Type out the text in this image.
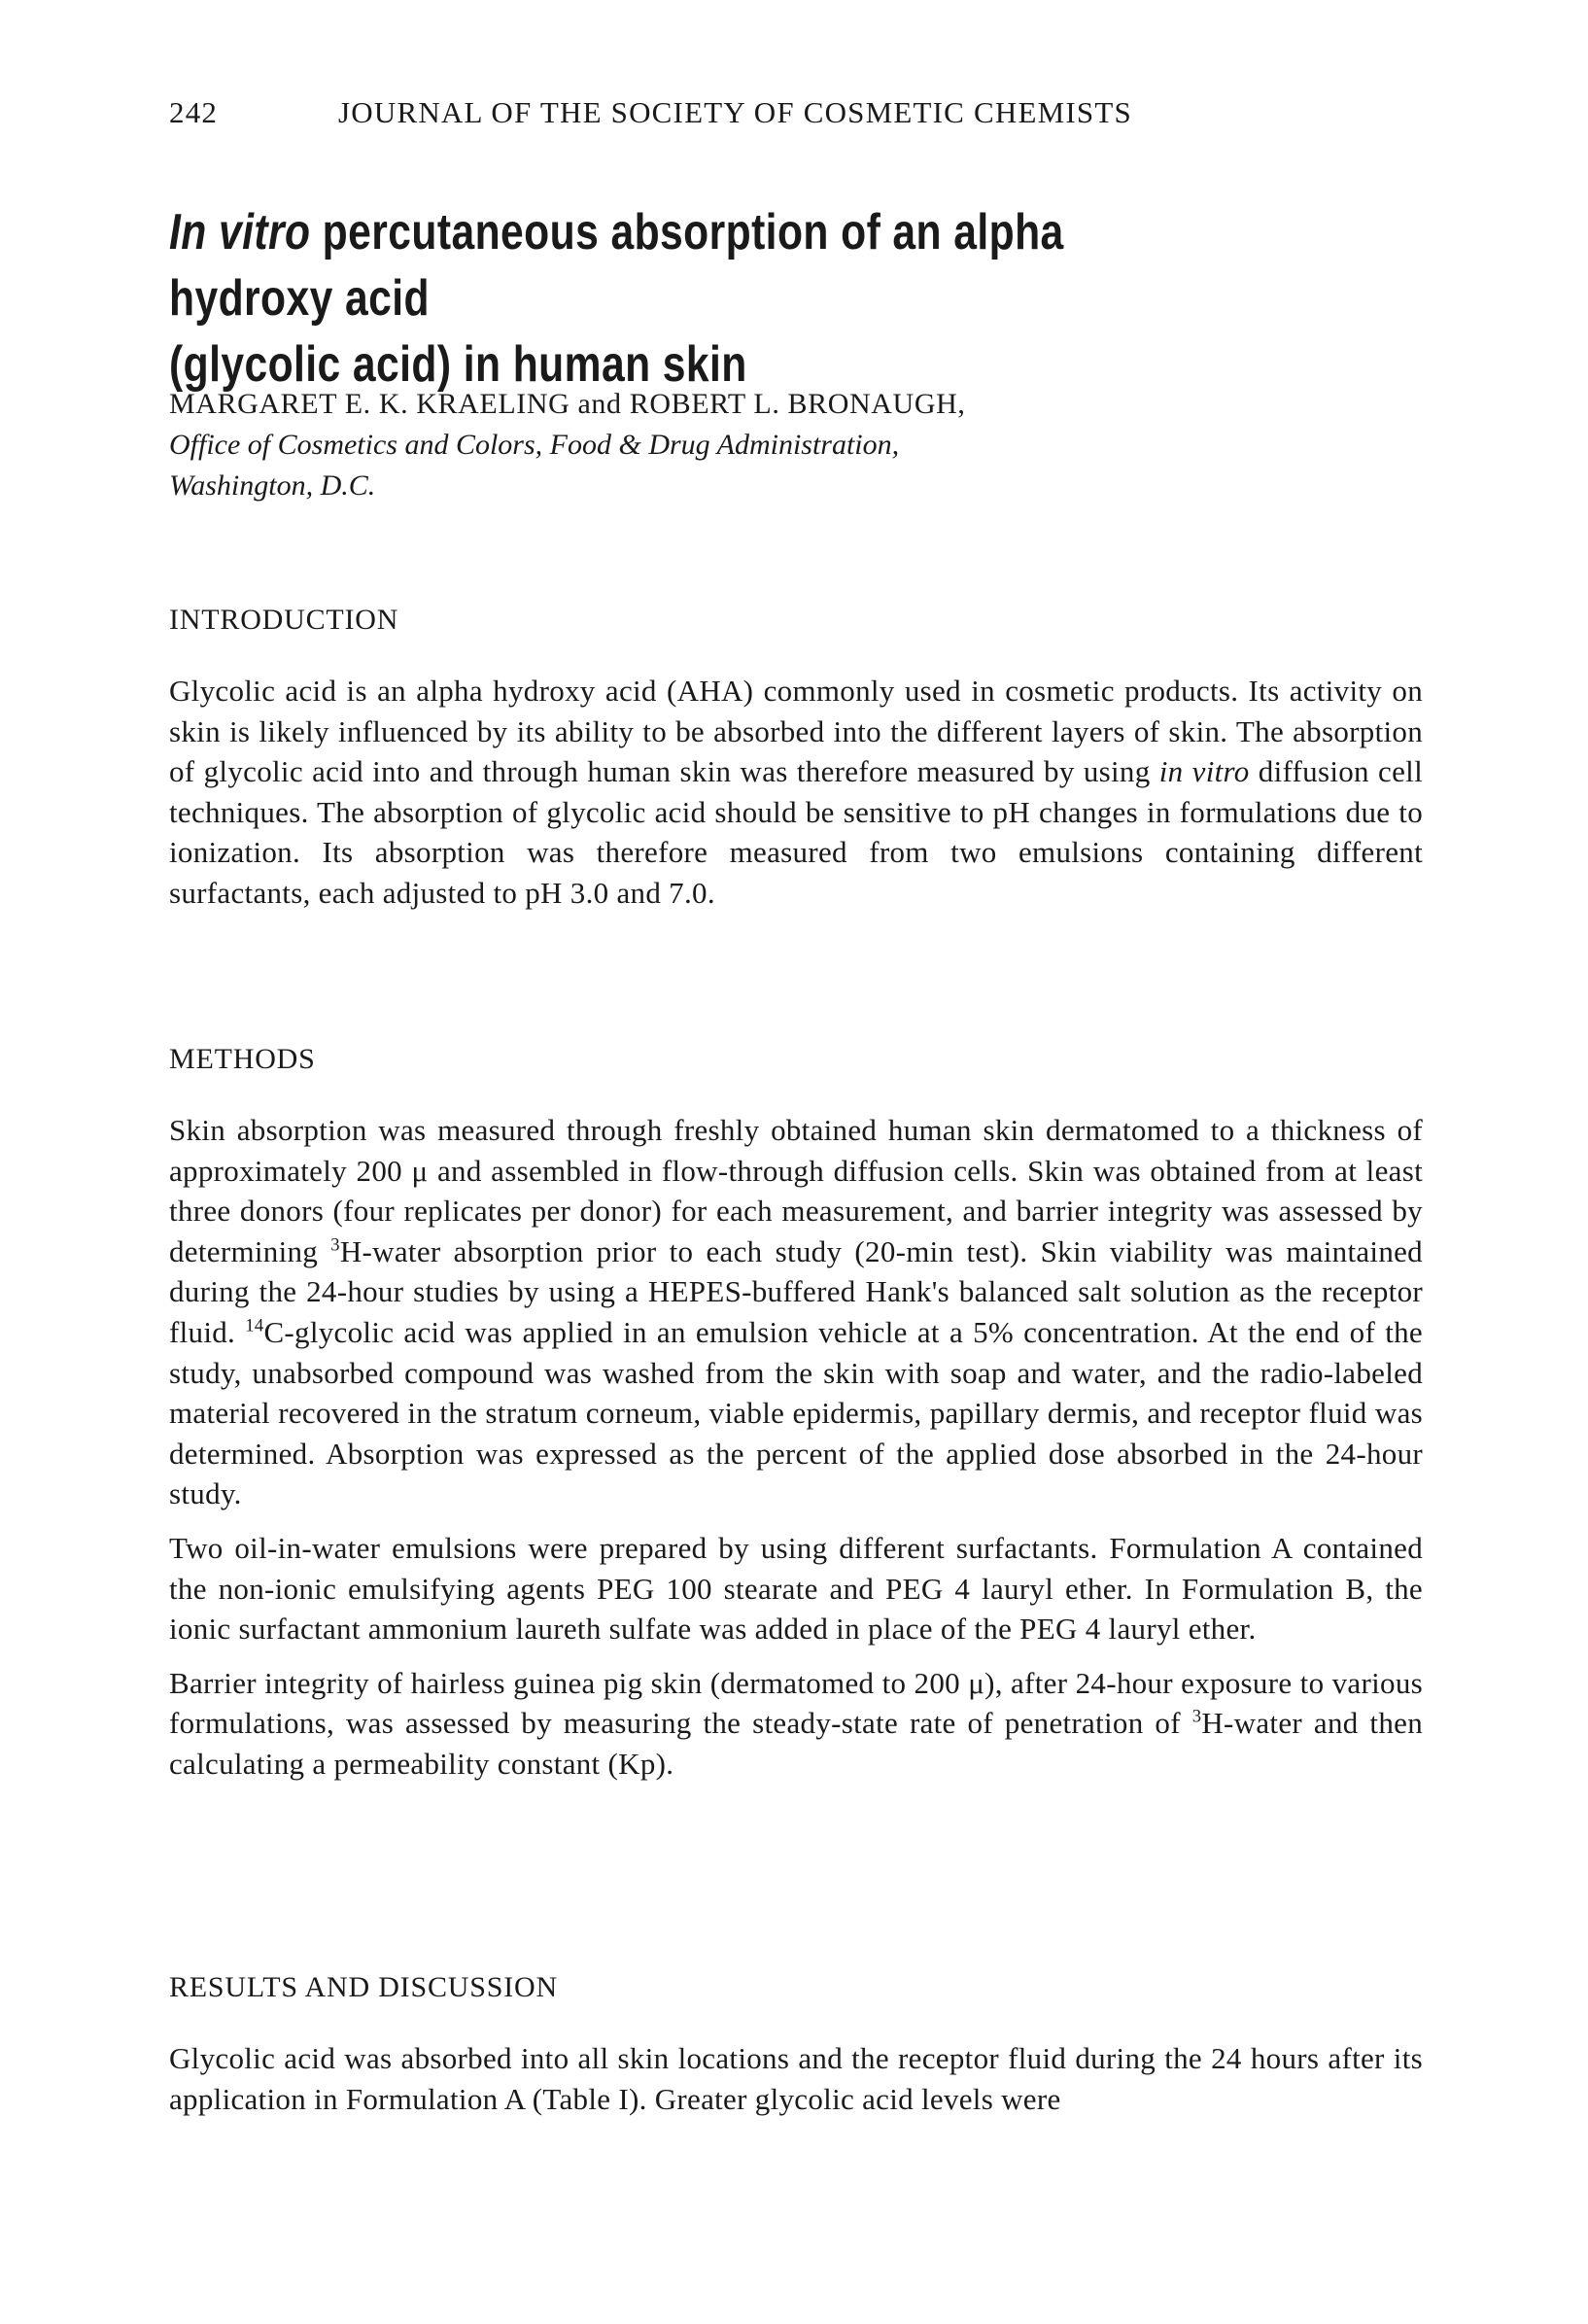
242	JOURNAL OF THE SOCIETY OF COSMETIC CHEMISTS
In vitro percutaneous absorption of an alpha hydroxy acid
(glycolic acid) in human skin
MARGARET E. K. KRAELING and ROBERT L. BRONAUGH,
Office of Cosmetics and Colors, Food & Drug Administration,
Washington, D.C.
INTRODUCTION

Glycolic acid is an alpha hydroxy acid (AHA) commonly used in cosmetic products. Its activity on skin is likely influenced by its ability to be absorbed into the different layers of skin. The absorption of glycolic acid into and through human skin was therefore measured by using in vitro diffusion cell techniques. The absorption of glycolic acid should be sensitive to pH changes in formulations due to ionization. Its absorption was therefore measured from two emulsions containing different surfactants, each adjusted to pH 3.0 and 7.0.

METHODS

Skin absorption was measured through freshly obtained human skin dermatomed to a thickness of approximately 200 μ and assembled in flow-through diffusion cells. Skin was obtained from at least three donors (four replicates per donor) for each measurement, and barrier integrity was assessed by determining $^3$H-water absorption prior to each study (20-min test). Skin viability was maintained during the 24-hour studies by using a HEPES-buffered Hank's balanced salt solution as the receptor fluid. $^{14}$C-glycolic acid was applied in an emulsion vehicle at a 5% concentration. At the end of the study, unabsorbed compound was washed from the skin with soap and water, and the radio-labeled material recovered in the stratum corneum, viable epidermis, papillary dermis, and receptor fluid was determined. Absorption was expressed as the percent of the applied dose absorbed in the 24-hour study.

Two oil-in-water emulsions were prepared by using different surfactants. Formulation A contained the non-ionic emulsifying agents PEG 100 stearate and PEG 4 lauryl ether. In Formulation B, the ionic surfactant ammonium laureth sulfate was added in place of the PEG 4 lauryl ether.

Barrier integrity of hairless guinea pig skin (dermatomed to 200 μ), after 24-hour exposure to various formulations, was assessed by measuring the steady-state rate of penetration of $^3$H-water and then calculating a permeability constant (Kp).

RESULTS AND DISCUSSION

Glycolic acid was absorbed into all skin locations and the receptor fluid during the 24 hours after its application in Formulation A (Table I). Greater glycolic acid levels were
